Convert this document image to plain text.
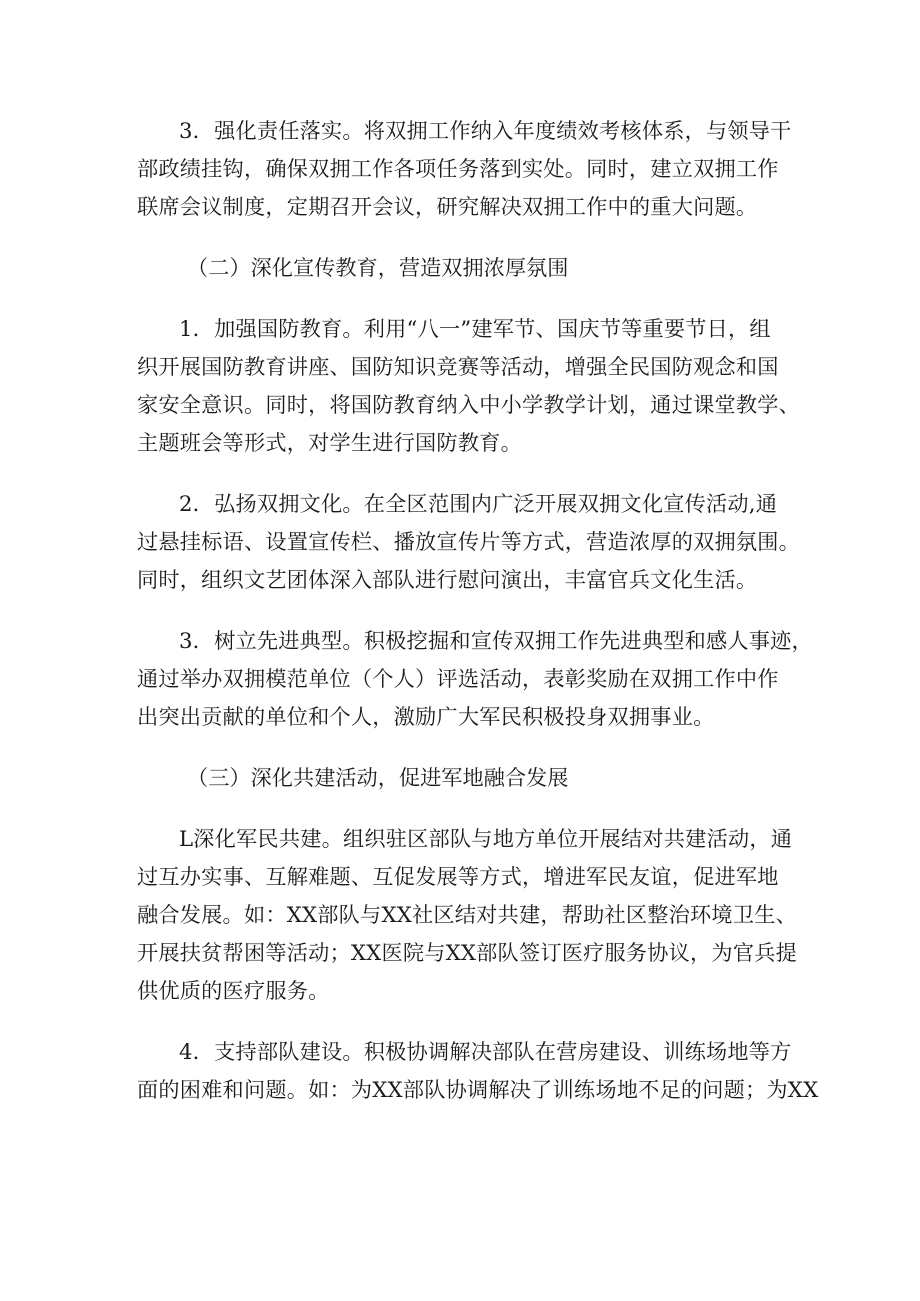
3．强化责任落实。将双拥工作纳入年度绩效考核体系，与领导干
部政绩挂钩，确保双拥工作各项任务落到实处。同时，建立双拥工作
联席会议制度，定期召开会议，研究解决双拥工作中的重大问题。

（二）深化宣传教育，营造双拥浓厚氛围

1．加强国防教育。利用“八一”建军节、国庆节等重要节日，组
织开展国防教育讲座、国防知识竞赛等活动，增强全民国防观念和国
家安全意识。同时，将国防教育纳入中小学教学计划，通过课堂教学、
主题班会等形式，对学生进行国防教育。

2．弘扬双拥文化。在全区范围内广泛开展双拥文化宣传活动,通
过悬挂标语、设置宣传栏、播放宣传片等方式，营造浓厚的双拥氛围。
同时，组织文艺团体深入部队进行慰问演出，丰富官兵文化生活。

3．树立先进典型。积极挖掘和宣传双拥工作先进典型和感人事迹，
通过举办双拥模范单位（个人）评选活动，表彰奖励在双拥工作中作
出突出贡献的单位和个人，激励广大军民积极投身双拥事业。

（三）深化共建活动，促进军地融合发展

L深化军民共建。组织驻区部队与地方单位开展结对共建活动，通
过互办实事、互解难题、互促发展等方式，增进军民友谊，促进军地
融合发展。如：XX部队与XX社区结对共建，帮助社区整治环境卫生、
开展扶贫帮困等活动；XX医院与XX部队签订医疗服务协议，为官兵提
供优质的医疗服务。

4．支持部队建设。积极协调解决部队在营房建设、训练场地等方
面的困难和问题。如：为XX部队协调解决了训练场地不足的问题；为XX
